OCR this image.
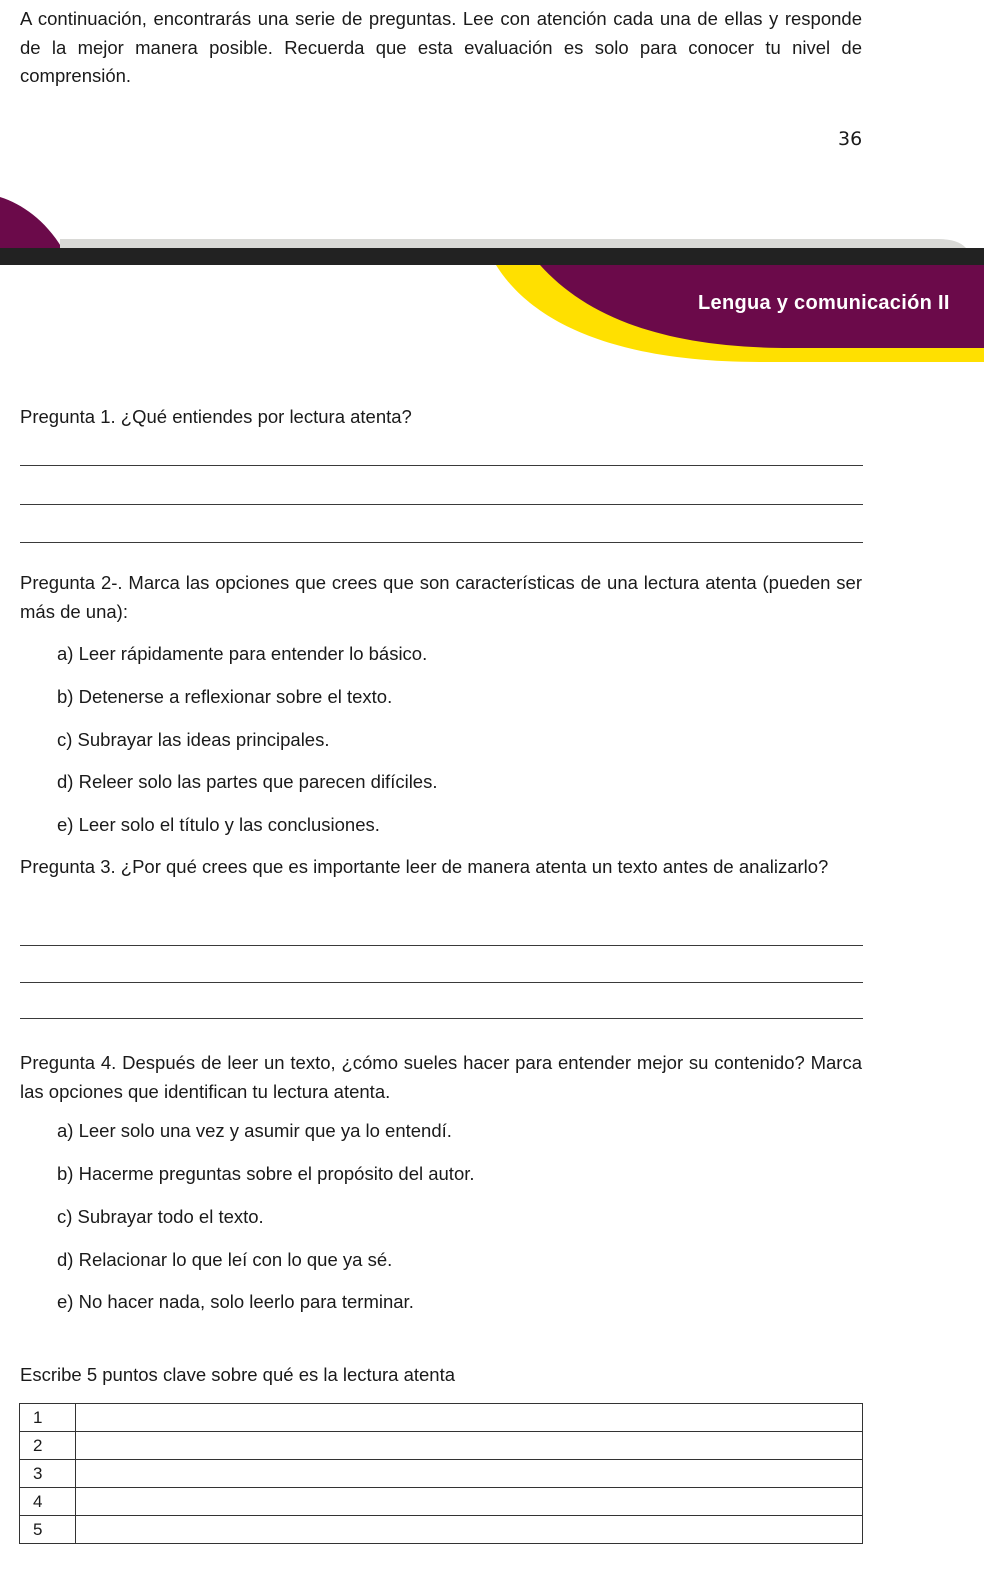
A continuación, encontrarás una serie de preguntas. Lee con atención cada una de ellas y responde de la mejor manera posible. Recuerda que esta evaluación es solo para conocer tu nivel de comprensión.
36
Lengua y comunicación II
Pregunta 1. ¿Qué entiendes por lectura atenta?
Pregunta 2-. Marca las opciones que crees que son características de una lectura atenta (pueden ser más de una):
a) Leer rápidamente para entender lo básico.
b) Detenerse a reflexionar sobre el texto.
c) Subrayar las ideas principales.
d) Releer solo las partes que parecen difíciles.
e) Leer solo el título y las conclusiones.
Pregunta 3. ¿Por qué crees que es importante leer de manera atenta un texto antes de analizarlo?
Pregunta 4. Después de leer un texto, ¿cómo sueles hacer para entender mejor su contenido? Marca las opciones que identifican tu lectura atenta.
a) Leer solo una vez y asumir que ya lo entendí.
b) Hacerme preguntas sobre el propósito del autor.
c) Subrayar todo el texto.
d) Relacionar lo que leí con lo que ya sé.
e) No hacer nada, solo leerlo para terminar.
Escribe 5 puntos clave sobre qué es la lectura atenta
1	
2	
3	
4	
5	
